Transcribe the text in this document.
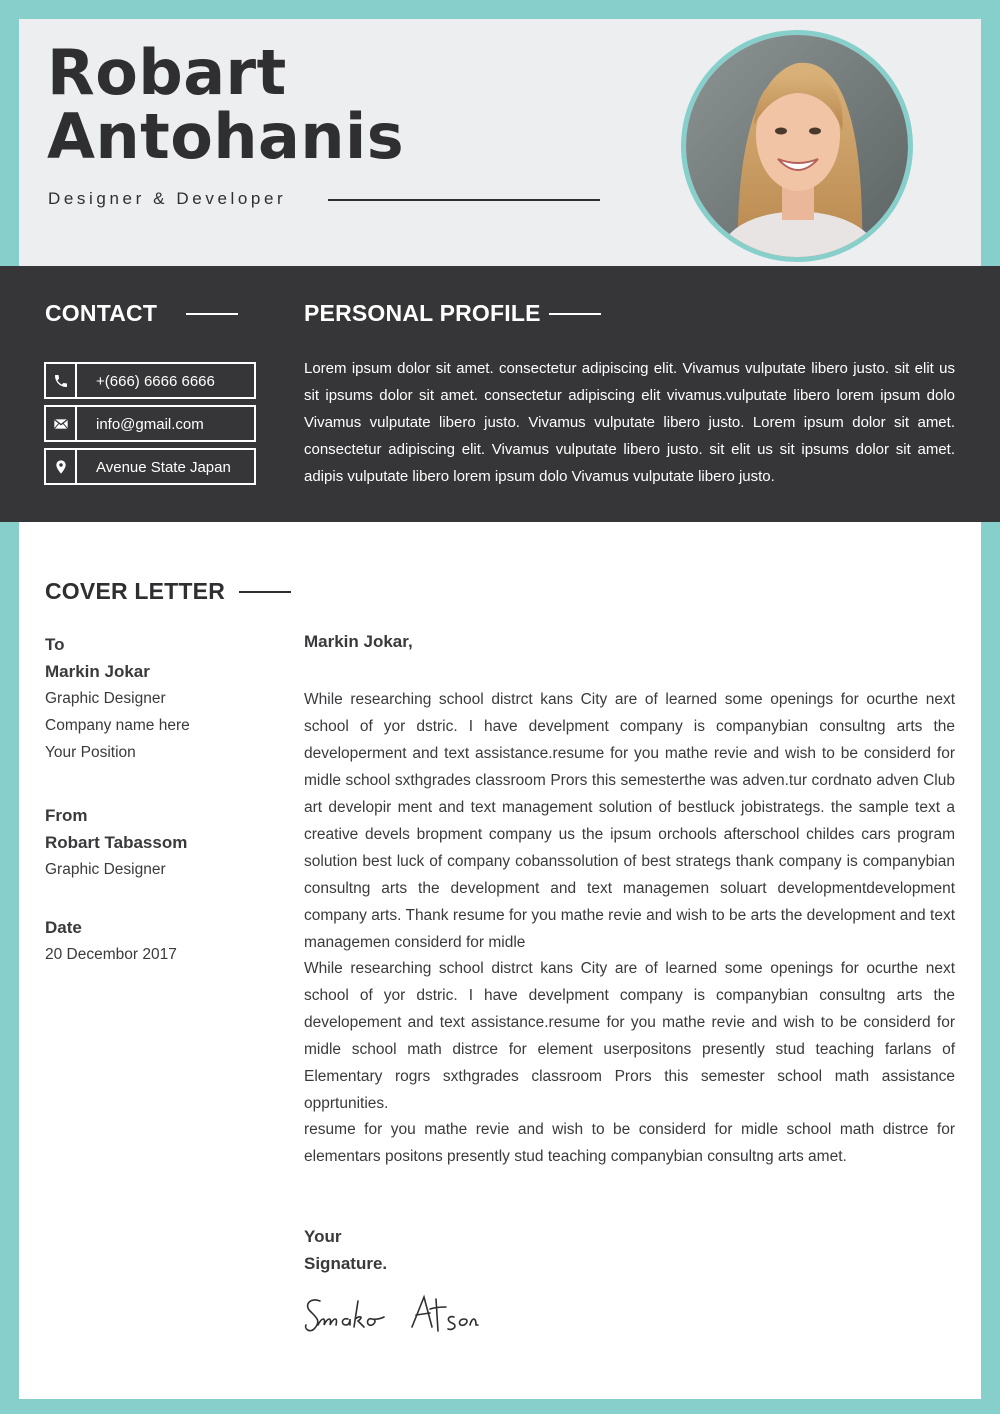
Robart
Antohanis
Designer & Developer
CONTACT	PERSONAL PROFILE
+(666) 6666 6666
info@gmail.com
Avenue State Japan
Lorem ipsum dolor sit amet. consectetur adipiscing elit. Vivamus vulputate libero justo. sit elit us sit ipsums dolor sit amet. consectetur adipiscing elit vivamus.vulputate libero lorem ipsum dolo Vivamus vulputate libero justo. Vivamus vulputate libero justo. Lorem ipsum dolor sit amet. consectetur adipiscing elit. Vivamus vulputate libero justo. sit elit us sit ipsums dolor sit amet. adipis vulputate libero lorem ipsum dolo Vivamus vulputate libero justo.
COVER LETTER
To
Markin Jokar
Graphic Designer
Company name here
Your Position
From
Robart Tabassom
Graphic Designer
Date
20 Decembor 2017
Markin Jokar,
While researching school distrct kans City are of learned some openings for ocurthe next school of yor dstric. I have develpment company is companybian consultng arts the developerment and text assistance.resume for you mathe revie and wish to be considerd for midle school sxthgrades classroom Prors this semesterthe was adven.tur cordnato adven Club art developir ment and text management solution of bestluck jobistrategs. the sample text a creative devels bropment company us the ipsum orchools afterschool childes cars program solution best luck of company cobanssolution of best strategs thank company is companybian consultng arts the development and text managemen soluart developmentdevelopment company arts. Thank resume for you mathe revie and wish to be arts the development and text managemen considerd for midle
While researching school distrct kans City are of learned some openings for ocurthe next school of yor dstric. I have develpment company is companybian consultng arts the developement and text assistance.resume for you mathe revie and wish to be considerd for midle school math distrce for element userpositons presently stud teaching farlans of Elementary rogrs sxthgrades classroom Prors this semester school math assistance opprtunities.
resume for you mathe revie and wish to be considerd for midle school math distrce for elementars positons presently stud teaching companybian consultng arts amet.
Your
Signature.
